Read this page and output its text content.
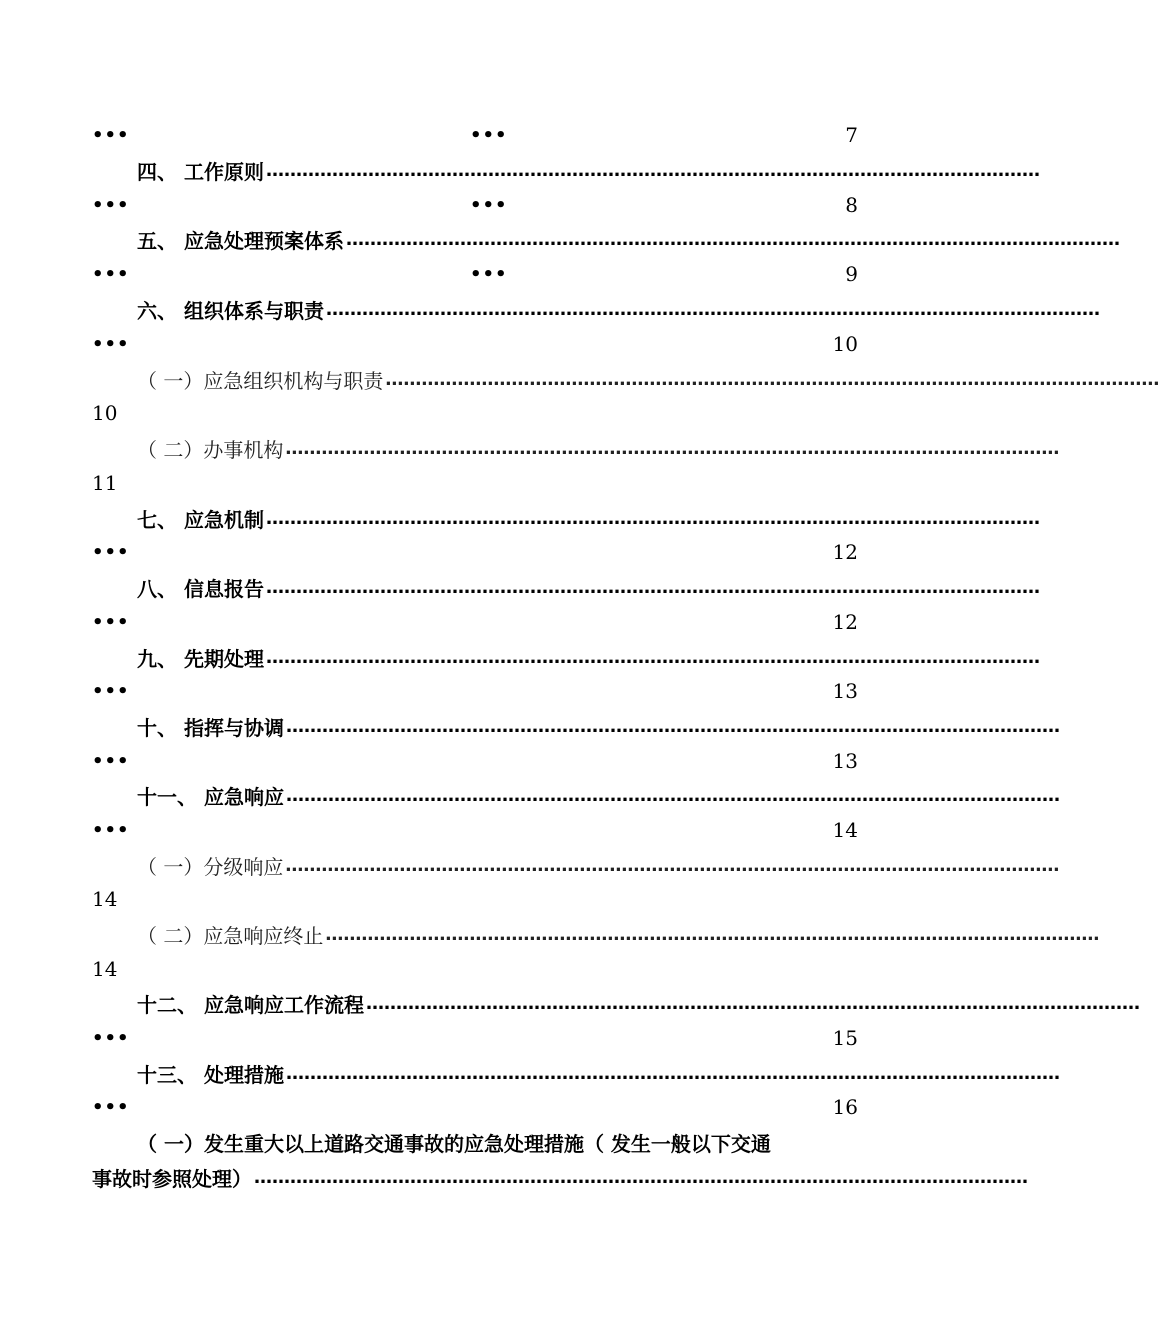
•••	•••	7
四、 工作原则 …………………………………………………………………………………………………………………
•••	•••	8
五、 应急处理预案体系 …………………………………………………………………………………………………………………
•••	•••	9
六、 组织体系与职责 …………………………………………………………………………………………………………………
•••	10
（ 一）应急组织机构与职责 …………………………………………………………………………………………………………………
10
（ 二）办事机构 …………………………………………………………………………………………………………………
11
七、 应急机制 …………………………………………………………………………………………………………………
•••	12
八、 信息报告 …………………………………………………………………………………………………………………
•••	12
九、 先期处理 …………………………………………………………………………………………………………………
•••	13
十、 指挥与协调 …………………………………………………………………………………………………………………
•••	13
十一、 应急响应 …………………………………………………………………………………………………………………
•••	14
（ 一）分级响应 …………………………………………………………………………………………………………………
14
（ 二）应急响应终止 …………………………………………………………………………………………………………………
14
十二、 应急响应工作流程 …………………………………………………………………………………………………………………
•••	15
十三、 处理措施 …………………………………………………………………………………………………………………
•••	16
（ 一）发生重大以上道路交通事故的应急处理措施（ 发生一般以下交通
事故时参照处理） …………………………………………………………………………………………………………………
